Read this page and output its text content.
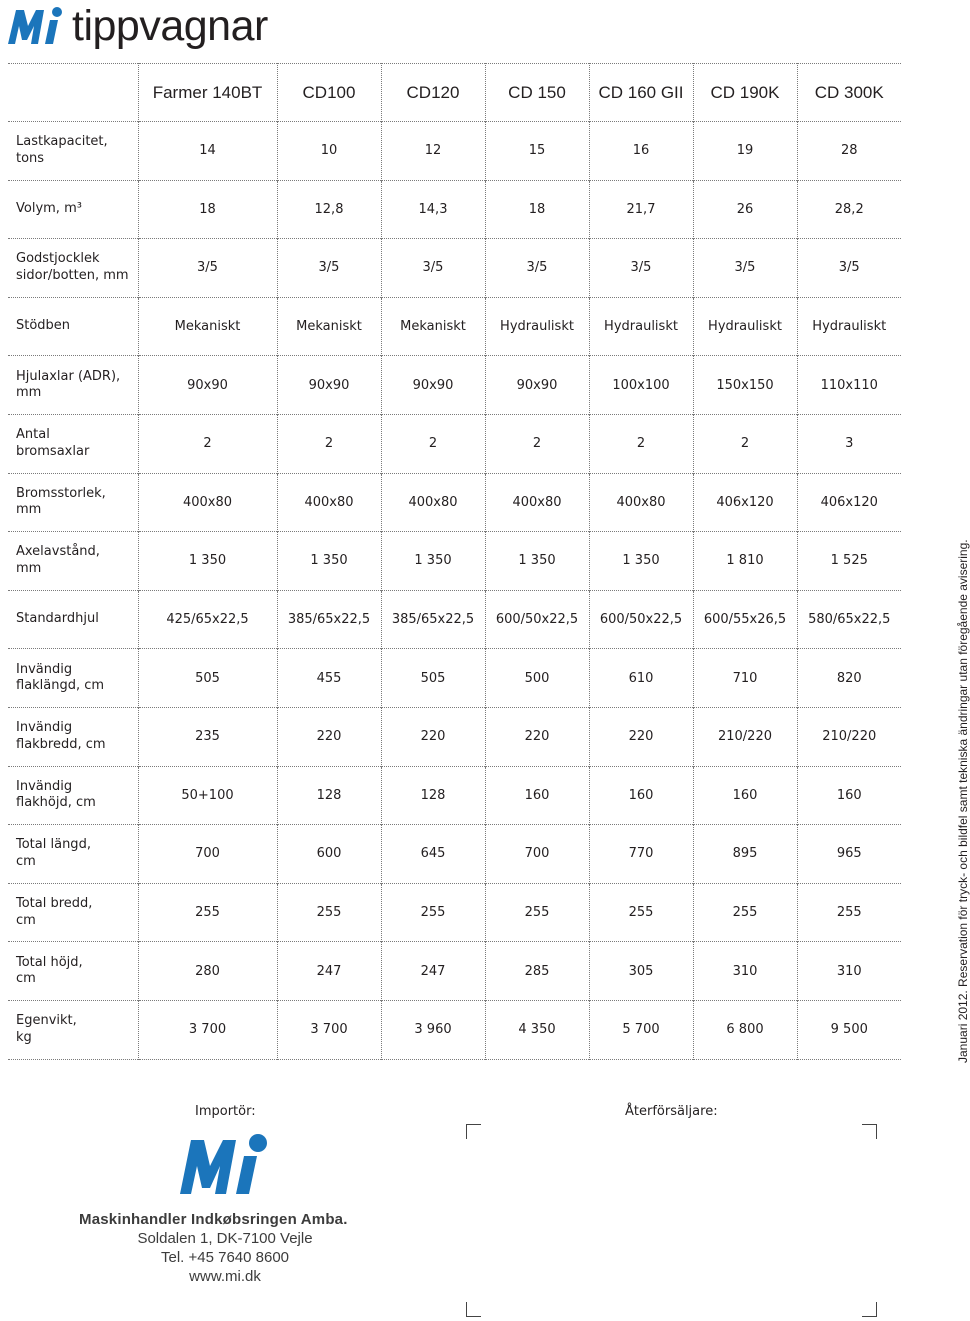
tippvagnar
	Farmer 140BT	CD100	CD120	CD 150	CD 160 GII	CD 190K	CD 300K

Lastkapacitet,
tons	14	10	12	15	16	19	28

Volym, m³	18	12,8	14,3	18	21,7	26	28,2

Godstjocklek
sidor/botten, mm	3/5	3/5	3/5	3/5	3/5	3/5	3/5

Stödben	Mekaniskt	Mekaniskt	Mekaniskt	Hydrauliskt	Hydrauliskt	Hydrauliskt	Hydrauliskt

Hjulaxlar (ADR),
mm	90x90	90x90	90x90	90x90	100x100	150x150	110x110

Antal
bromsaxlar	2	2	2	2	2	2	3

Bromsstorlek,
mm	400x80	400x80	400x80	400x80	400x80	406x120	406x120

Axelavstånd,
mm	1 350	1 350	1 350	1 350	1 350	1 810	1 525

Standardhjul	425/65x22,5	385/65x22,5	385/65x22,5	600/50x22,5	600/50x22,5	600/55x26,5	580/65x22,5

Invändig
flaklängd, cm	505	455	505	500	610	710	820

Invändig
flakbredd, cm	235	220	220	220	220	210/220	210/220

Invändig
flakhöjd, cm	50+100	128	128	160	160	160	160

Total längd,
cm	700	600	645	700	770	895	965

Total bredd,
cm	255	255	255	255	255	255	255

Total höjd,
cm	280	247	247	285	305	310	310

Egenvikt,
kg	3 700	3 700	3 960	4 350	5 700	6 800	9 500	Januari 2012. Reservation för tryck- och bildfel samt tekniska ändringar utan föregående avisering.
Importör:	Återförsäljare:
Maskinhandler Indkøbsringen Amba.
Soldalen 1, DK-7100 Vejle
Tel. +45 7640 8600
www.mi.dk
